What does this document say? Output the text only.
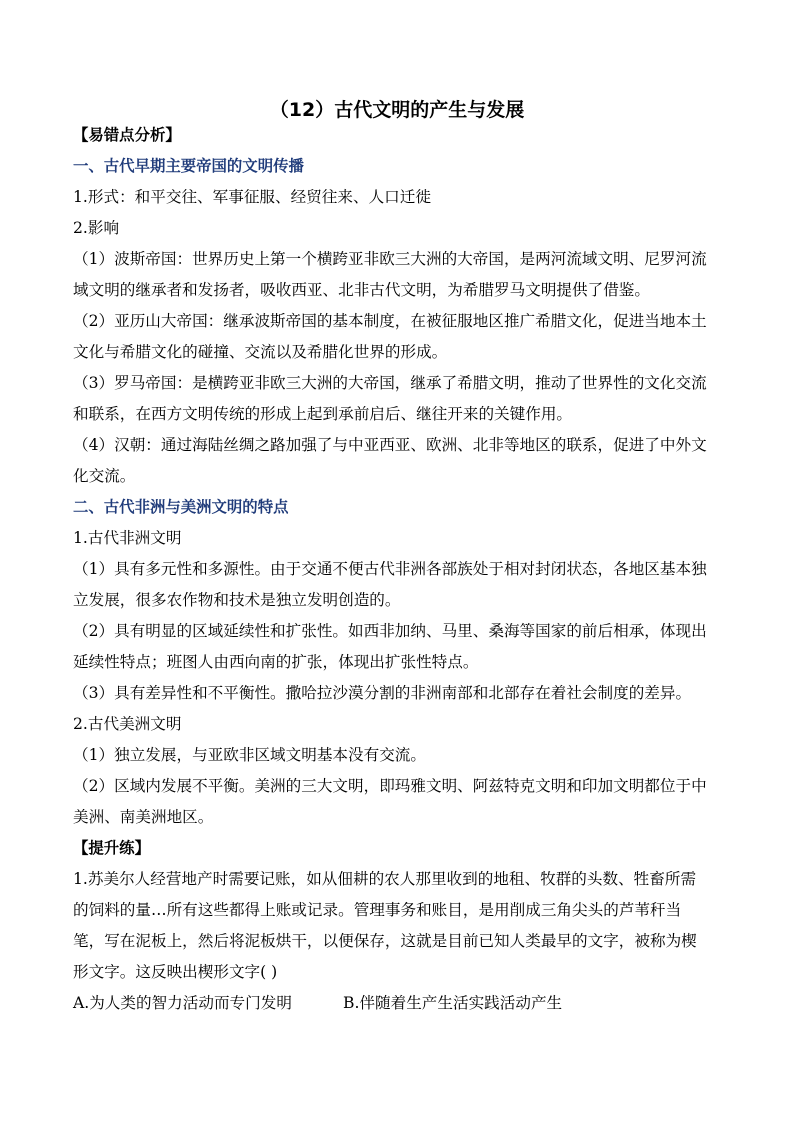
（12）古代文明的产生与发展
【易错点分析】
一、古代早期主要帝国的文明传播
1.形式：和平交往、军事征服、经贸往来、人口迁徙
2.影响
（1）波斯帝国：世界历史上第一个横跨亚非欧三大洲的大帝国，是两河流域文明、尼罗河流
域文明的继承者和发扬者，吸收西亚、北非古代文明，为希腊罗马文明提供了借鉴。
（2）亚历山大帝国：继承波斯帝国的基本制度，在被征服地区推广希腊文化，促进当地本土
文化与希腊文化的碰撞、交流以及希腊化世界的形成。
（3）罗马帝国：是横跨亚非欧三大洲的大帝国，继承了希腊文明，推动了世界性的文化交流
和联系，在西方文明传统的形成上起到承前启后、继往开来的关键作用。
（4）汉朝：通过海陆丝绸之路加强了与中亚西亚、欧洲、北非等地区的联系，促进了中外文
化交流。
二、古代非洲与美洲文明的特点
1.古代非洲文明
（1）具有多元性和多源性。由于交通不便古代非洲各部族处于相对封闭状态，各地区基本独
立发展，很多农作物和技术是独立发明创造的。
（2）具有明显的区域延续性和扩张性。如西非加纳、马里、桑海等国家的前后相承，体现出
延续性特点；班图人由西向南的扩张，体现出扩张性特点。
（3）具有差异性和不平衡性。撒哈拉沙漠分割的非洲南部和北部存在着社会制度的差异。
2.古代美洲文明
（1）独立发展，与亚欧非区域文明基本没有交流。
（2）区域内发展不平衡。美洲的三大文明，即玛雅文明、阿兹特克文明和印加文明都位于中
美洲、南美洲地区。
【提升练】
1.苏美尔人经营地产时需要记账，如从佃耕的农人那里收到的地租、牧群的头数、牲畜所需
的饲料的量…所有这些都得上账或记录。管理事务和账目，是用削成三角尖头的芦苇秆当
笔，写在泥板上，然后将泥板烘干，以便保存，这就是目前已知人类最早的文字，被称为楔
形文字。这反映出楔形文字( )
A.为人类的智力活动而专门发明	B.伴随着生产生活实践活动产生
